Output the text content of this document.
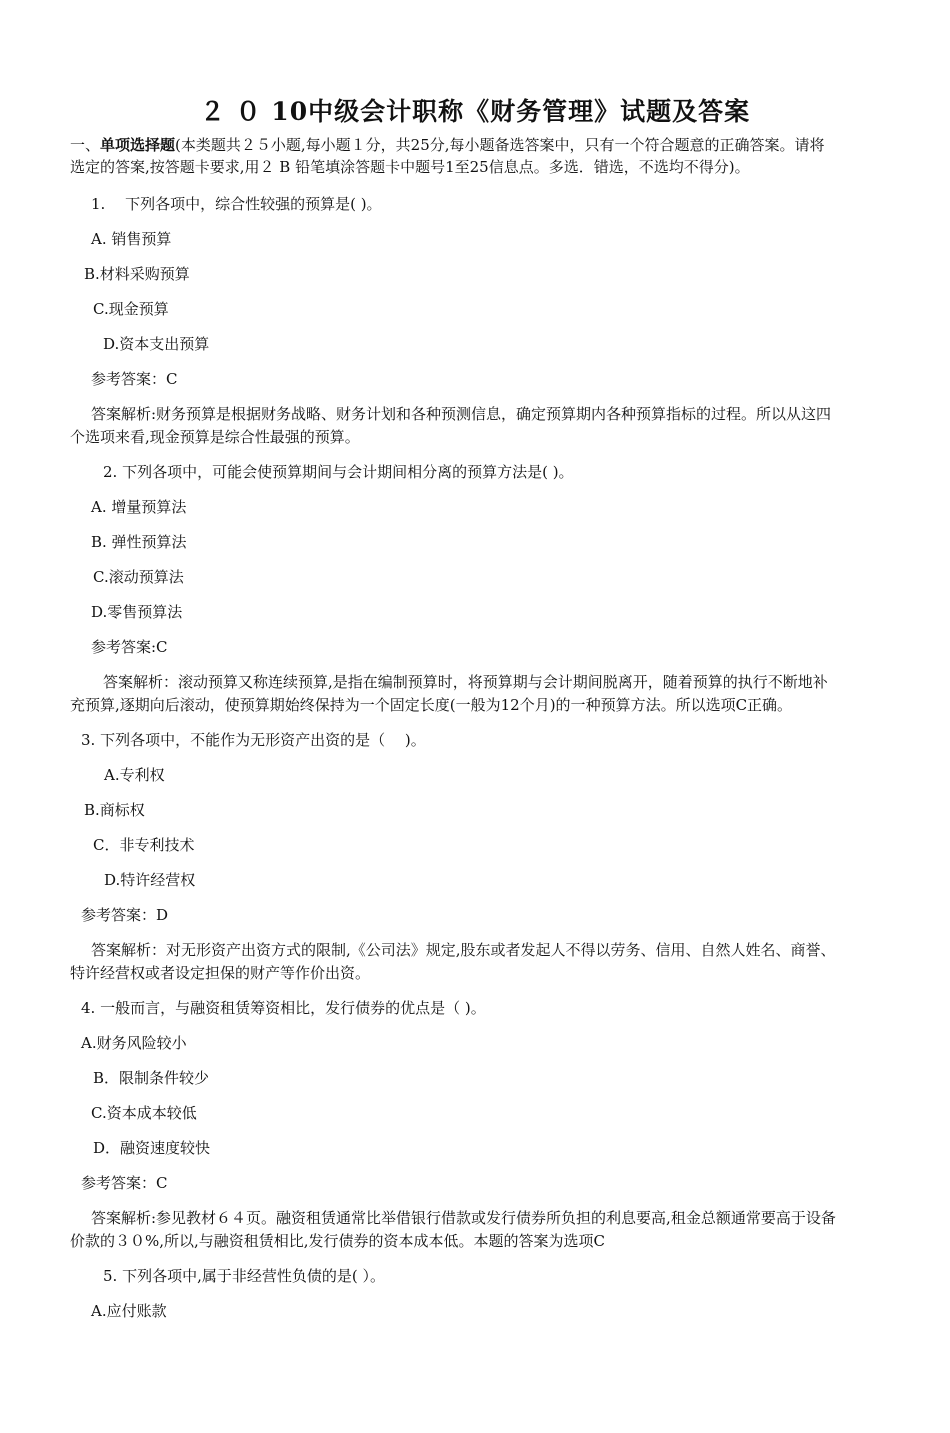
２ ０ 10中级会计职称《财务管理》试题及答案
一、单项选择题(本类题共２５小题,每小题１分，共25分,每小题备选答案中，只有一个符合题意的正确答案。请将
选定的答案,按答题卡要求,用２ B 铅笔填涂答题卡中题号1至25信息点。多选．错选，不选均不得分)。
1.　 下列各项中，综合性较强的预算是( )。
A. 销售预算
B.材料采购预算
C.现金预算
D.资本支出预算
参考答案：C
答案解析:财务预算是根据财务战略、财务计划和各种预测信息，确定预算期内各种预算指标的过程。所以从这四
个选项来看,现金预算是综合性最强的预算。
2. 下列各项中，可能会使预算期间与会计期间相分离的预算方法是( )。
A. 增量预算法
B. 弹性预算法
C.滚动预算法
D.零售预算法
参考答案:C
答案解析：滚动预算又称连续预算,是指在编制预算时，将预算期与会计期间脱离开，随着预算的执行不断地补
充预算,逐期向后滚动，使预算期始终保持为一个固定长度(一般为12个月)的一种预算方法。所以选项C正确。
3. 下列各项中，不能作为无形资产出资的是（　 )。
A.专利权
B.商标权
C．非专利技术
D.特许经营权
参考答案：D
答案解析：对无形资产出资方式的限制,《公司法》规定,股东或者发起人不得以劳务、信用、自然人姓名、商誉、
特许经营权或者设定担保的财产等作价出资。
4. 一般而言，与融资租赁筹资相比，发行债券的优点是（ )。
A.财务风险较小
B．限制条件较少
C.资本成本较低
D．融资速度较快
参考答案：C
答案解析:参见教材６４页。融资租赁通常比举借银行借款或发行债券所负担的利息要高,租金总额通常要高于设备
价款的３０%,所以,与融资租赁相比,发行债券的资本成本低。本题的答案为选项C
5. 下列各项中,属于非经营性负债的是( ）。
A.应付账款
